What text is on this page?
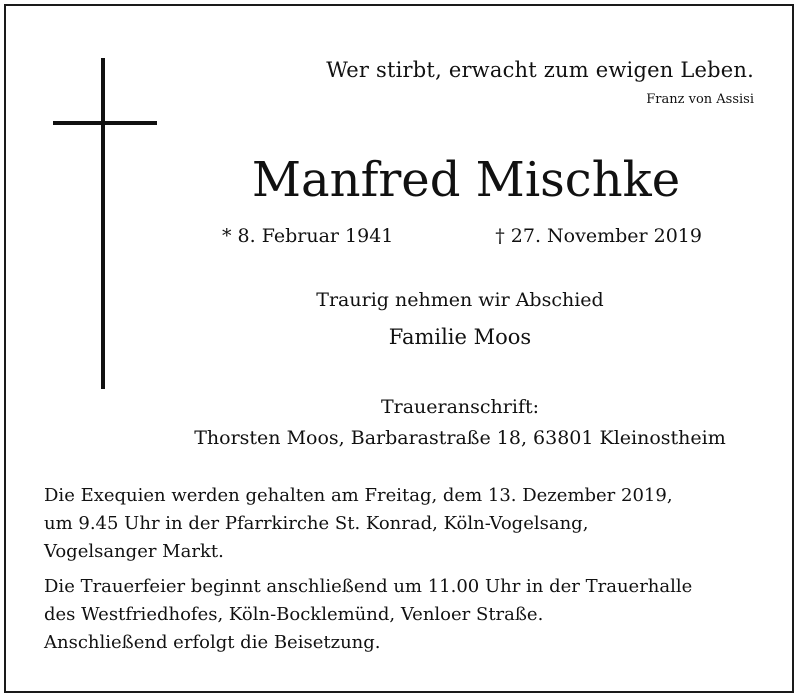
Wer stirbt, erwacht zum ewigen Leben.
Franz von Assisi
Manfred Mischke
* 8. Februar 1941	† 27. November 2019
Traurig nehmen wir Abschied
Familie Moos
Traueranschrift:
Thorsten Moos, Barbarastraße 18, 63801 Kleinostheim
Die Exequien werden gehalten am Freitag, dem 13. Dezember 2019,
um 9.45 Uhr in der Pfarrkirche St. Konrad, Köln-Vogelsang,
Vogelsanger Markt.
Die Trauerfeier beginnt anschließend um 11.00 Uhr in der Trauerhalle
des Westfriedhofes, Köln-Bocklemünd, Venloer Straße.
Anschließend erfolgt die Beisetzung.
